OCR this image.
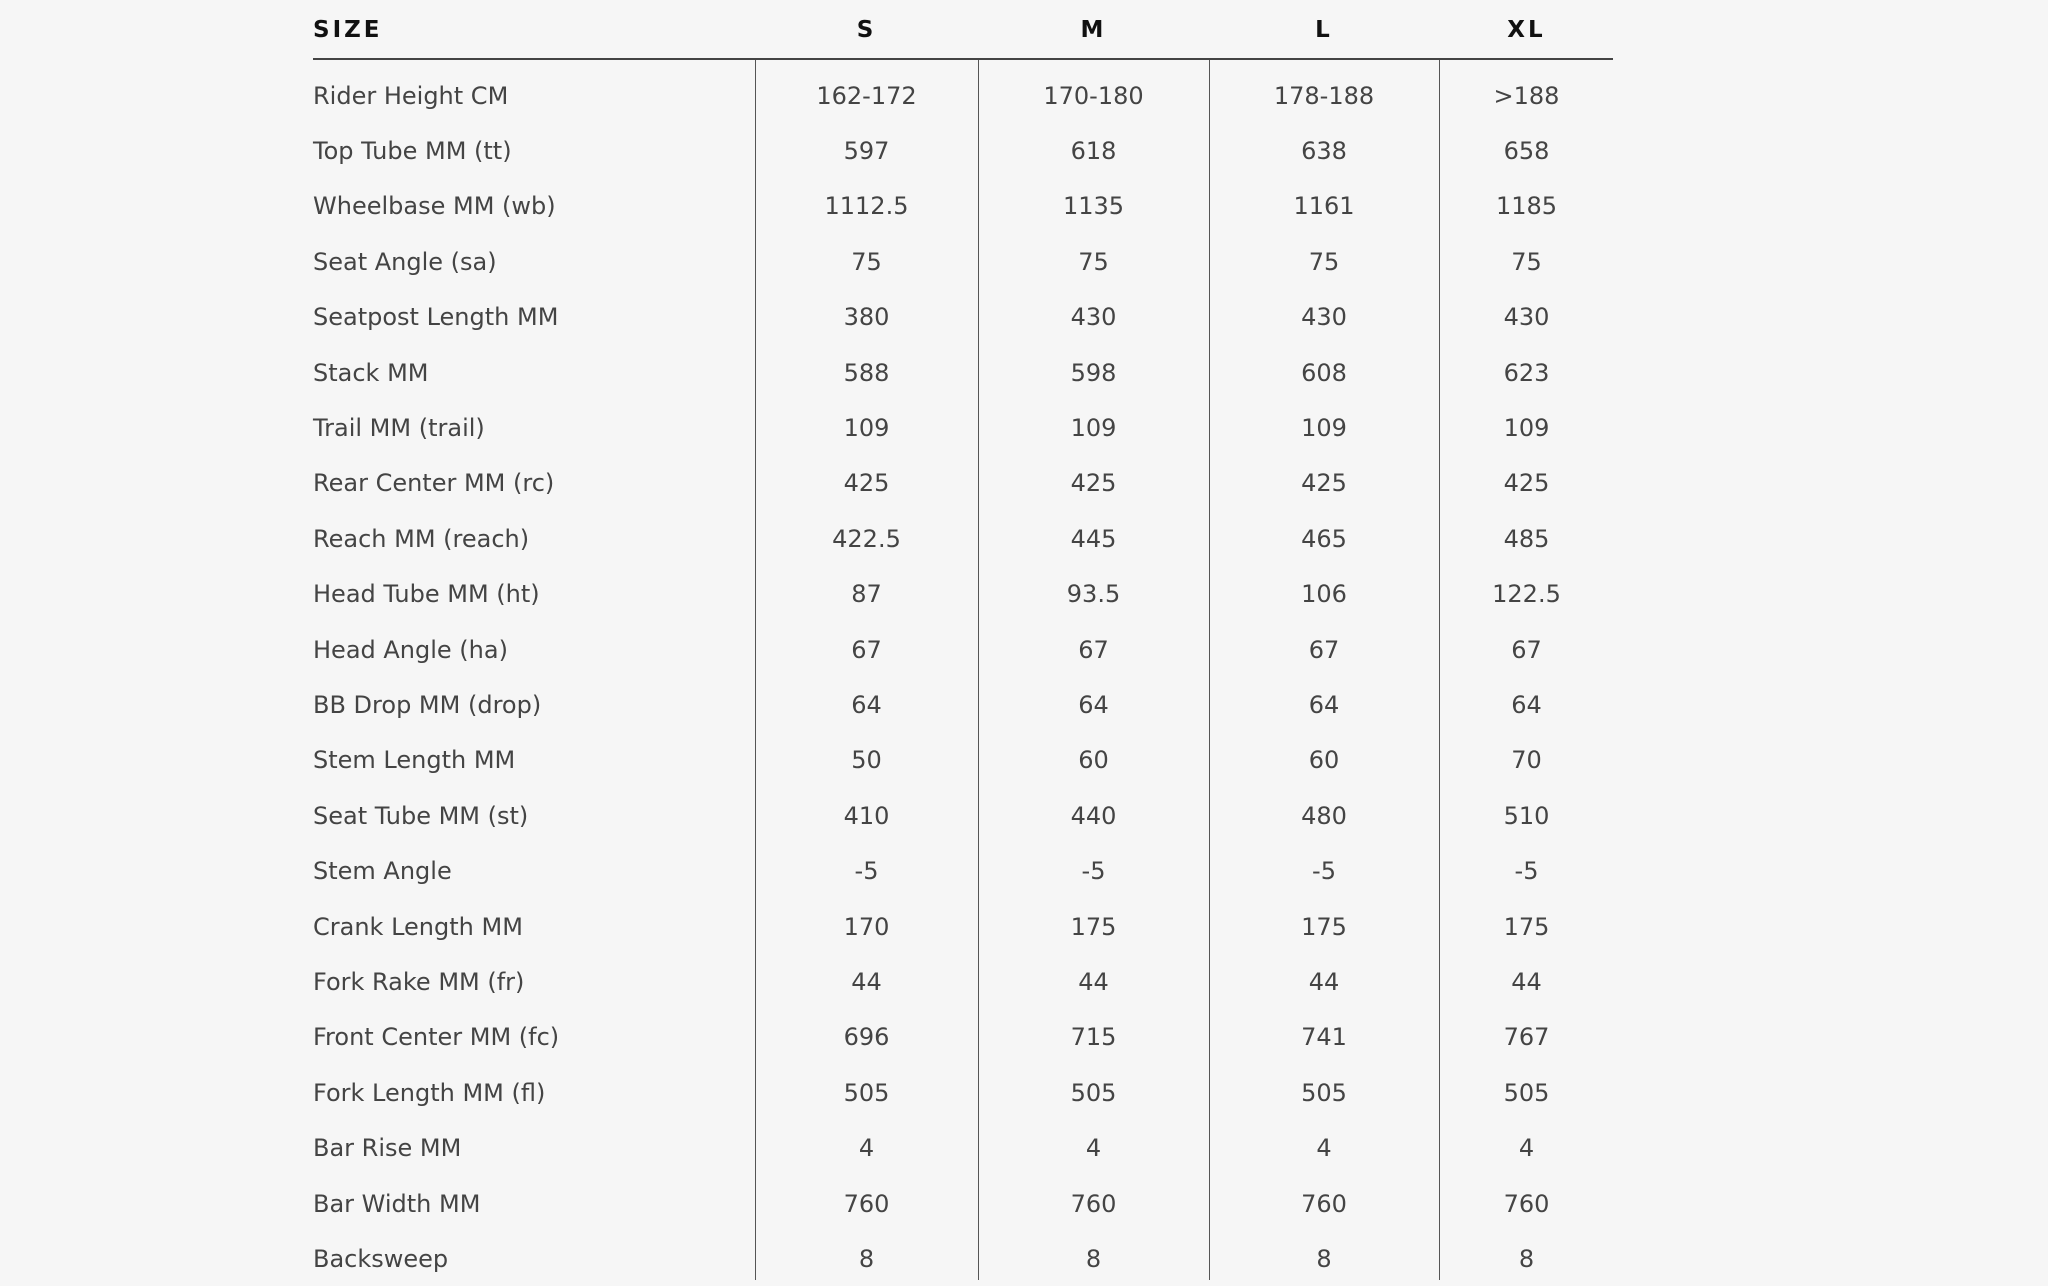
SIZE	S	M	L	XL
Rider Height CM	162-172	170-180	178-188	>188
Top Tube MM (tt)	597	618	638	658
Wheelbase MM (wb)	1112.5	1135	1161	1185
Seat Angle (sa)	75	75	75	75
Seatpost Length MM	380	430	430	430
Stack MM	588	598	608	623
Trail MM (trail)	109	109	109	109
Rear Center MM (rc)	425	425	425	425
Reach MM (reach)	422.5	445	465	485
Head Tube MM (ht)	87	93.5	106	122.5
Head Angle (ha)	67	67	67	67
BB Drop MM (drop)	64	64	64	64
Stem Length MM	50	60	60	70
Seat Tube MM (st)	410	440	480	510
Stem Angle	-5	-5	-5	-5
Crank Length MM	170	175	175	175
Fork Rake MM (fr)	44	44	44	44
Front Center MM (fc)	696	715	741	767
Fork Length MM (fl)	505	505	505	505
Bar Rise MM	4	4	4	4
Bar Width MM	760	760	760	760
Backsweep	8	8	8	8
